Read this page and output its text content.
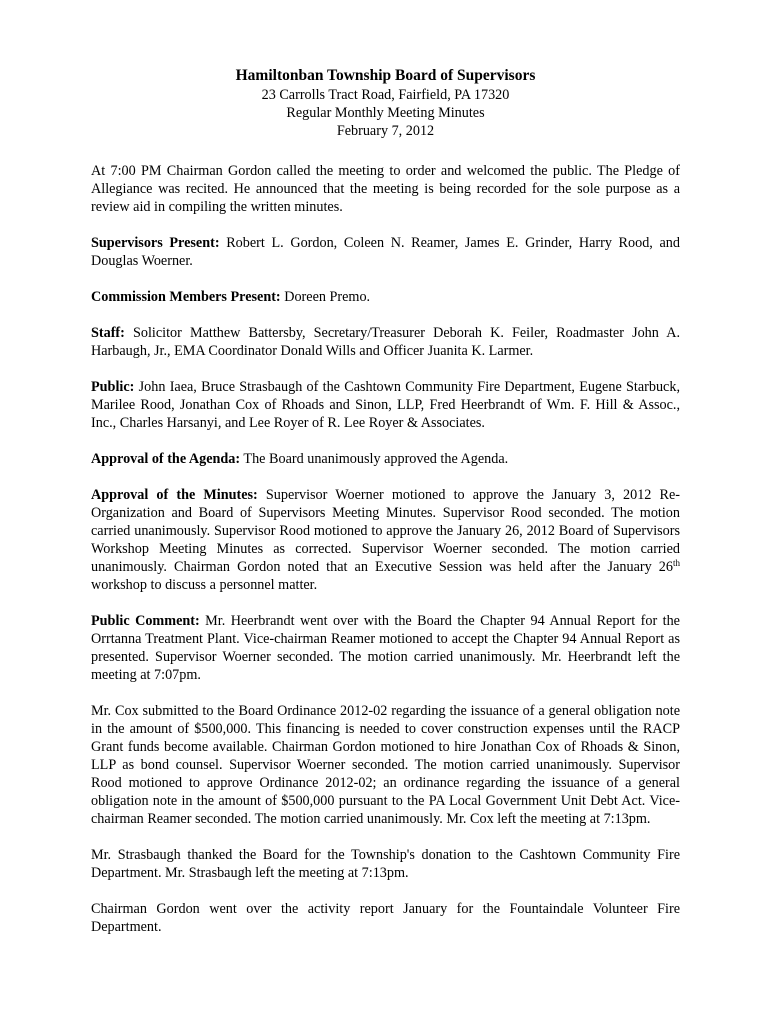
Hamiltonban Township Board of Supervisors
23 Carrolls Tract Road, Fairfield, PA 17320
Regular Monthly Meeting Minutes
February 7, 2012

At 7:00 PM Chairman Gordon called the meeting to order and welcomed the public. The Pledge of Allegiance was recited. He announced that the meeting is being recorded for the sole purpose as a review aid in compiling the written minutes.

Supervisors Present: Robert L. Gordon, Coleen N. Reamer, James E. Grinder, Harry Rood, and Douglas Woerner.

Commission Members Present: Doreen Premo.

Staff: Solicitor Matthew Battersby, Secretary/Treasurer Deborah K. Feiler, Roadmaster John A. Harbaugh, Jr., EMA Coordinator Donald Wills and Officer Juanita K. Larmer.

Public: John Iaea, Bruce Strasbaugh of the Cashtown Community Fire Department, Eugene Starbuck, Marilee Rood, Jonathan Cox of Rhoads and Sinon, LLP, Fred Heerbrandt of Wm. F. Hill & Assoc., Inc., Charles Harsanyi, and Lee Royer of R. Lee Royer & Associates.

Approval of the Agenda: The Board unanimously approved the Agenda.

Approval of the Minutes: Supervisor Woerner motioned to approve the January 3, 2012 Re-Organization and Board of Supervisors Meeting Minutes. Supervisor Rood seconded. The motion carried unanimously. Supervisor Rood motioned to approve the January 26, 2012 Board of Supervisors Workshop Meeting Minutes as corrected. Supervisor Woerner seconded. The motion carried unanimously. Chairman Gordon noted that an Executive Session was held after the January 26th workshop to discuss a personnel matter.

Public Comment: Mr. Heerbrandt went over with the Board the Chapter 94 Annual Report for the Orrtanna Treatment Plant. Vice-chairman Reamer motioned to accept the Chapter 94 Annual Report as presented. Supervisor Woerner seconded. The motion carried unanimously. Mr. Heerbrandt left the meeting at 7:07pm.

Mr. Cox submitted to the Board Ordinance 2012-02 regarding the issuance of a general obligation note in the amount of $500,000. This financing is needed to cover construction expenses until the RACP Grant funds become available. Chairman Gordon motioned to hire Jonathan Cox of Rhoads & Sinon, LLP as bond counsel. Supervisor Woerner seconded. The motion carried unanimously. Supervisor Rood motioned to approve Ordinance 2012-02; an ordinance regarding the issuance of a general obligation note in the amount of $500,000 pursuant to the PA Local Government Unit Debt Act. Vice-chairman Reamer seconded. The motion carried unanimously. Mr. Cox left the meeting at 7:13pm.

Mr. Strasbaugh thanked the Board for the Township's donation to the Cashtown Community Fire Department. Mr. Strasbaugh left the meeting at 7:13pm.

Chairman Gordon went over the activity report January for the Fountaindale Volunteer Fire Department.
